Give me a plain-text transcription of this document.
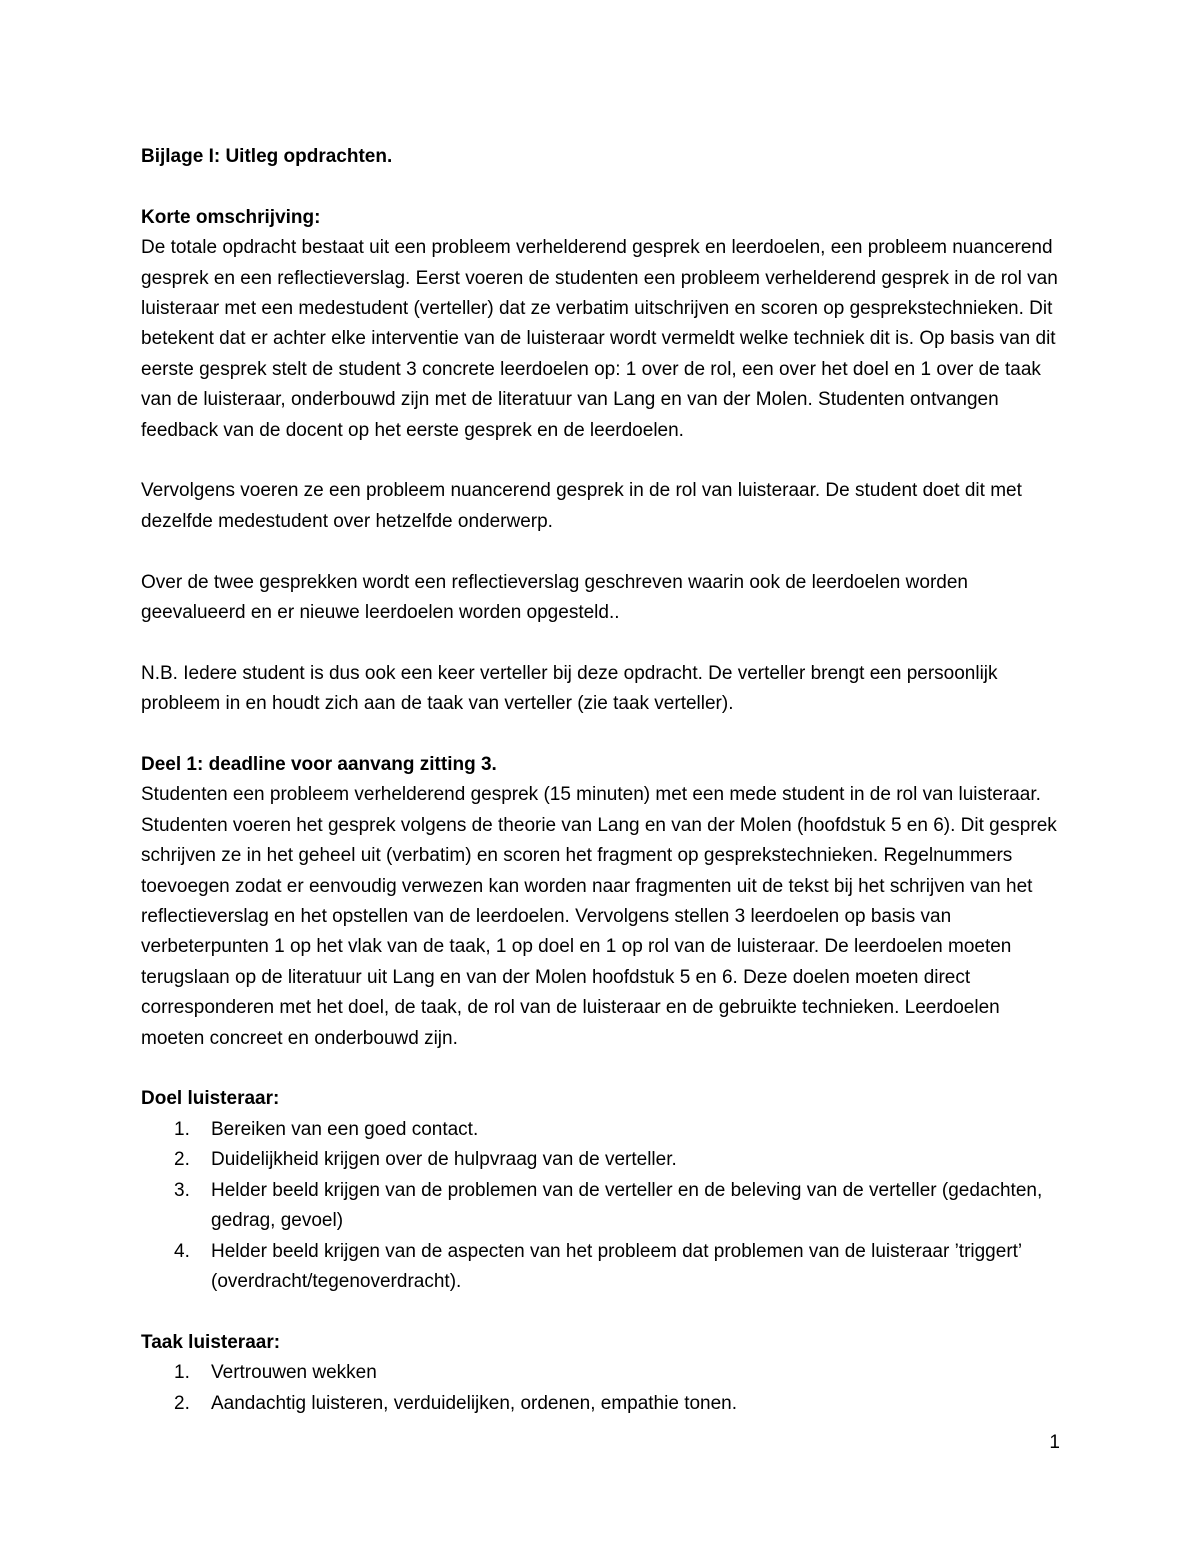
Bijlage I: Uitleg opdrachten.

Korte omschrijving:

De totale opdracht bestaat uit een probleem verhelderend gesprek en leerdoelen, een probleem nuancerend gesprek en een reflectieverslag. Eerst voeren de studenten een probleem verhelderend gesprek in de rol van luisteraar met een medestudent (verteller) dat ze verbatim uitschrijven en scoren op gesprekstechnieken. Dit betekent dat er achter elke interventie van de luisteraar wordt vermeldt welke techniek dit is. Op basis van dit eerste gesprek stelt de student 3 concrete leerdoelen op: 1 over de rol, een over het doel en 1 over de taak van de luisteraar, onderbouwd zijn met de literatuur van Lang en van der Molen. Studenten ontvangen feedback van de docent op het eerste gesprek en de leerdoelen.

Vervolgens voeren ze een probleem nuancerend gesprek in de rol van luisteraar. De student doet dit met dezelfde medestudent over hetzelfde onderwerp.

Over de twee gesprekken wordt een reflectieverslag geschreven waarin ook de leerdoelen worden geevalueerd en er nieuwe leerdoelen worden opgesteld..

N.B. Iedere student is dus ook een keer verteller bij deze opdracht. De verteller brengt een persoonlijk probleem in en houdt zich aan de taak van verteller (zie taak verteller).

Deel 1: deadline voor aanvang zitting 3.

Studenten een probleem verhelderend gesprek (15 minuten) met een mede student in de rol van luisteraar. Studenten voeren het gesprek volgens de theorie van Lang en van der Molen (hoofdstuk 5 en 6). Dit gesprek schrijven ze in het geheel uit (verbatim) en scoren het fragment op gesprekstechnieken. Regelnummers toevoegen zodat er eenvoudig verwezen kan worden naar fragmenten uit de tekst bij het schrijven van het reflectieverslag en het opstellen van de leerdoelen. Vervolgens stellen 3 leerdoelen op basis van verbeterpunten 1 op het vlak van de taak, 1 op doel en 1 op rol van de luisteraar. De leerdoelen moeten terugslaan op de literatuur uit Lang en van der Molen hoofdstuk 5 en 6. Deze doelen moeten direct corresponderen met het doel, de taak, de rol van de luisteraar en de gebruikte technieken. Leerdoelen moeten concreet en onderbouwd zijn.

Doel luisteraar:

1.	Bereiken van een goed contact.
2.	Duidelijkheid krijgen over de hulpvraag van de verteller.
3.	Helder beeld krijgen van de problemen van de verteller en de beleving van de verteller (gedachten, gedrag, gevoel)
4.	Helder beeld krijgen van de aspecten van het probleem dat problemen van de luisteraar ’triggert’ (overdracht/tegenoverdracht).

Taak luisteraar:

1.	Vertrouwen wekken
2.	Aandachtig luisteren, verduidelijken, ordenen, empathie tonen.
1
